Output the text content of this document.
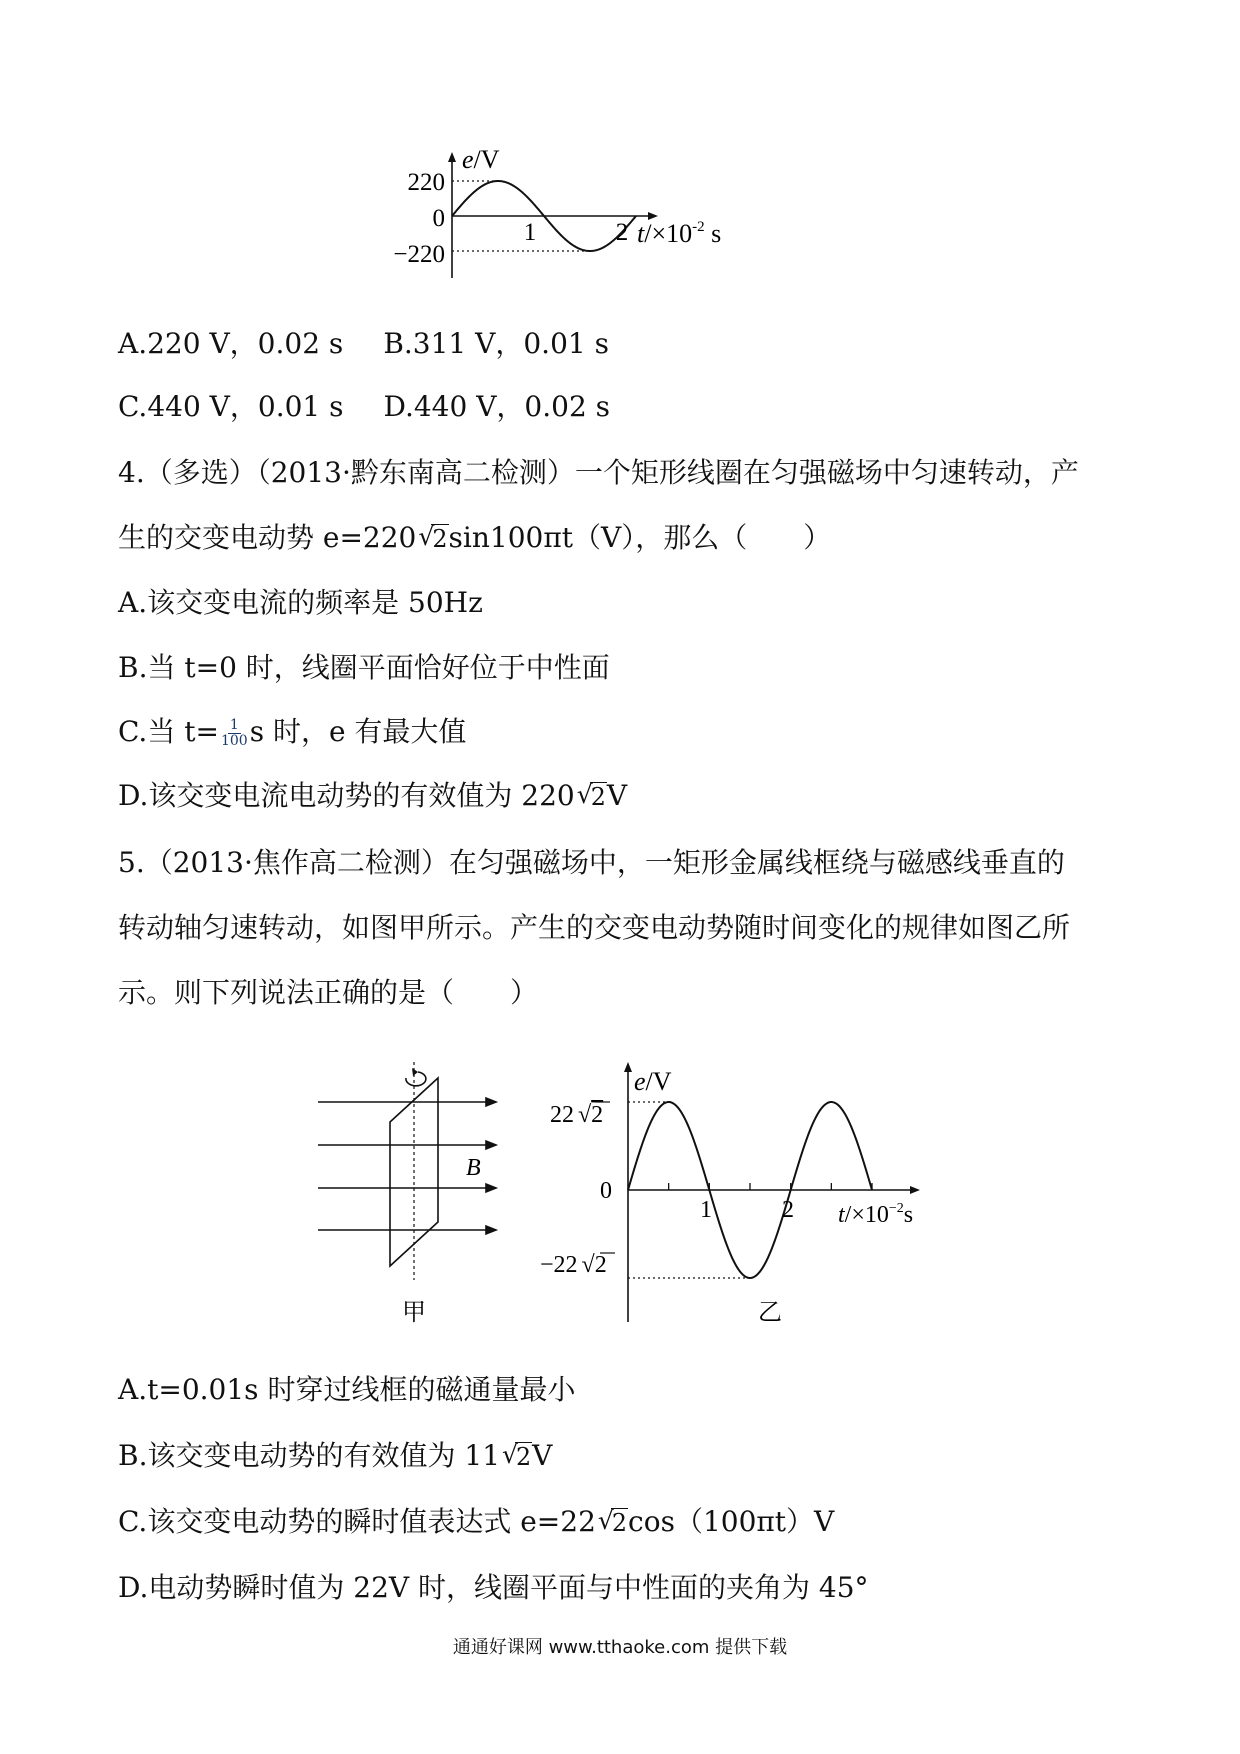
e/V
220
0
−220
1	2 $t/\times 10^{-2}$ s
A.220 V，0.02 s B.311 V，0.01 s
C.440 V，0.01 s D.440 V，0.02 s
4.（多选）（2013·黔东南高二检测）一个矩形线圈在匀强磁场中匀速转动，产
生的交变电动势 e=220 √ 2sin100πt（V），那么（　　）
A.该交变电流的频率是 50Hz
B.当 t=0 时，线圈平面恰好位于中性面
C.当 $t= \frac{1}{100}$ s 时，e 有最大值
D.该交变电流电动势的有效值为 220 √ 2V
5.（2013·焦作高二检测）在匀强磁场中，一矩形金属线框绕与磁感线垂直的
转动轴匀速转动，如图甲所示。产生的交变电动势随时间变化的规律如图乙所
示。则下列说法正确的是（　　）
B
甲
e/V
22 √2
0
−22 √2
1	2 $t/\times 10^{-2}s$
乙
A.t=0.01s 时穿过线框的磁通量最小
B.该交变电动势的有效值为 11 √ 2V
C.该交变电动势的瞬时值表达式 e=22 √ 2cos（100πt）V
D.电动势瞬时值为 22V 时，线圈平面与中性面的夹角为 45°
通通好课网 www.tthaoke.com 提供下载
